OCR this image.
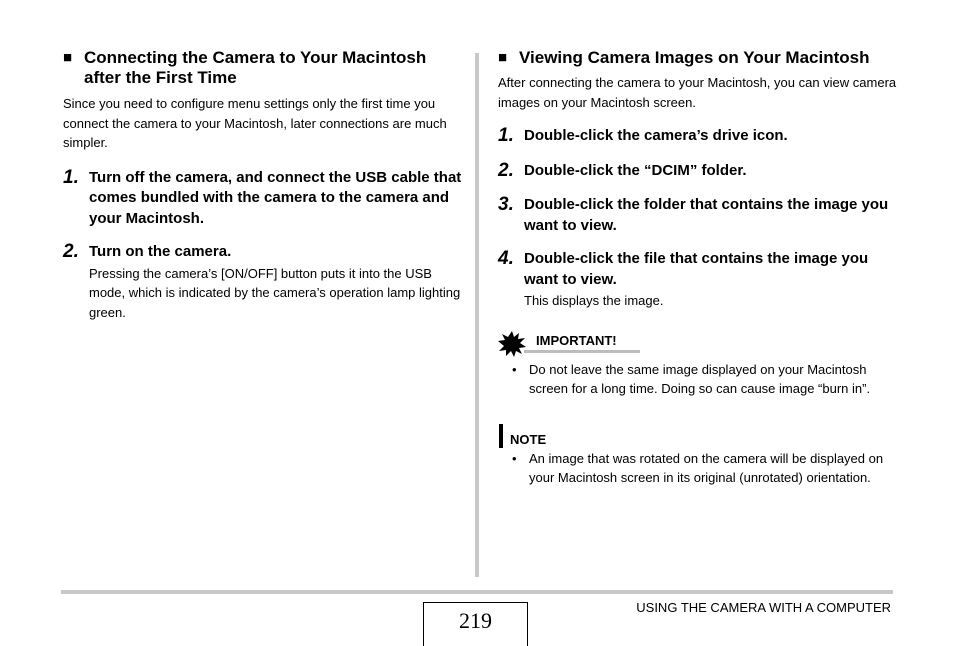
■ Connecting the Camera to Your Macintosh after the First Time
Since you need to configure menu settings only the first time you connect the camera to your Macintosh, later connections are much simpler.
1. Turn off the camera, and connect the USB cable that comes bundled with the camera to the camera and your Macintosh.
2. Turn on the camera.
Pressing the camera’s [ON/OFF] button puts it into the USB mode, which is indicated by the camera’s operation lamp lighting green.
■ Viewing Camera Images on Your Macintosh
After connecting the camera to your Macintosh, you can view camera images on your Macintosh screen.
1. Double-click the camera’s drive icon.
2. Double-click the “DCIM” folder.
3. Double-click the folder that contains the image you want to view.
4. Double-click the file that contains the image you want to view.
This displays the image.
IMPORTANT!
• Do not leave the same image displayed on your Macintosh screen for a long time. Doing so can cause image “burn in”.
NOTE
• An image that was rotated on the camera will be displayed on your Macintosh screen in its original (unrotated) orientation.
219
USING THE CAMERA WITH A COMPUTER
